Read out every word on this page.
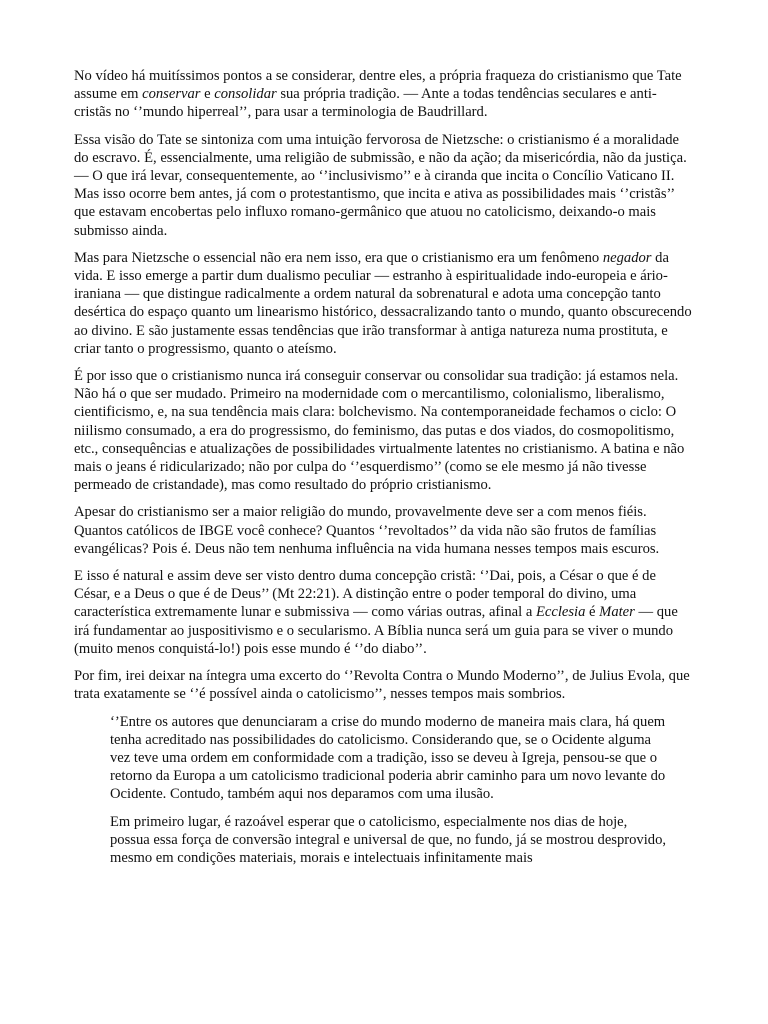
No vídeo há muitíssimos pontos a se considerar, dentre eles, a própria fraqueza do cristianismo que Tate assume em conservar e consolidar sua própria tradição. — Ante a todas tendências seculares e anti-cristãs no ‘’mundo hiperreal’’, para usar a terminologia de Baudrillard.

Essa visão do Tate se sintoniza com uma intuição fervorosa de Nietzsche: o cristianismo é a moralidade do escravo. É, essencialmente, uma religião de submissão, e não da ação; da misericórdia, não da justiça. — O que irá levar, consequentemente, ao ‘’inclusivismo’’ e à ciranda que incita o Concílio Vaticano II. Mas isso ocorre bem antes, já com o protestantismo, que incita e ativa as possibilidades mais ‘’cristãs’’ que estavam encobertas pelo influxo romano-germânico que atuou no catolicismo, deixando-o mais submisso ainda.

Mas para Nietzsche o essencial não era nem isso, era que o cristianismo era um fenômeno negador da vida. E isso emerge a partir dum dualismo peculiar — estranho à espiritualidade indo-europeia e ário-iraniana — que distingue radicalmente a ordem natural da sobrenatural e adota uma concepção tanto desértica do espaço quanto um linearismo histórico, dessacralizando tanto o mundo, quanto obscurecendo ao divino. E são justamente essas tendências que irão transformar à antiga natureza numa prostituta, e criar tanto o progressismo, quanto o ateísmo.

É por isso que o cristianismo nunca irá conseguir conservar ou consolidar sua tradição: já estamos nela. Não há o que ser mudado. Primeiro na modernidade com o mercantilismo, colonialismo, liberalismo, cientificismo, e, na sua tendência mais clara: bolchevismo. Na contemporaneidade fechamos o ciclo: O niilismo consumado, a era do progressismo, do feminismo, das putas e dos viados, do cosmopolitismo, etc., consequências e atualizações de possibilidades virtualmente latentes no cristianismo. A batina e não mais o jeans é ridicularizado; não por culpa do ‘’esquerdismo’’ (como se ele mesmo já não tivesse permeado de cristandade), mas como resultado do próprio cristianismo.

Apesar do cristianismo ser a maior religião do mundo, provavelmente deve ser a com menos fiéis. Quantos católicos de IBGE você conhece? Quantos ‘’revoltados’’ da vida não são frutos de famílias evangélicas? Pois é. Deus não tem nenhuma influência na vida humana nesses tempos mais escuros.

E isso é natural e assim deve ser visto dentro duma concepção cristã: ‘’Dai, pois, a César o que é de César, e a Deus o que é de Deus’’ (Mt 22:21). A distinção entre o poder temporal do divino, uma característica extremamente lunar e submissiva — como várias outras, afinal a Ecclesia é Mater — que irá fundamentar ao juspositivismo e o secularismo. A Bíblia nunca será um guia para se viver o mundo (muito menos conquistá-lo!) pois esse mundo é ‘’do diabo’’.

Por fim, irei deixar na íntegra uma excerto do ‘’Revolta Contra o Mundo Moderno’’, de Julius Evola, que trata exatamente se ‘’é possível ainda o catolicismo’’, nesses tempos mais sombrios.

‘’Entre os autores que denunciaram a crise do mundo moderno de maneira mais clara, há quem tenha acreditado nas possibilidades do catolicismo. Considerando que, se o Ocidente alguma vez teve uma ordem em conformidade com a tradição, isso se deveu à Igreja, pensou-se que o retorno da Europa a um catolicismo tradicional poderia abrir caminho para um novo levante do Ocidente. Contudo, também aqui nos deparamos com uma ilusão.

Em primeiro lugar, é razoável esperar que o catolicismo, especialmente nos dias de hoje, possua essa força de conversão integral e universal de que, no fundo, já se mostrou desprovido, mesmo em condições materiais, morais e intelectuais infinitamente mais
